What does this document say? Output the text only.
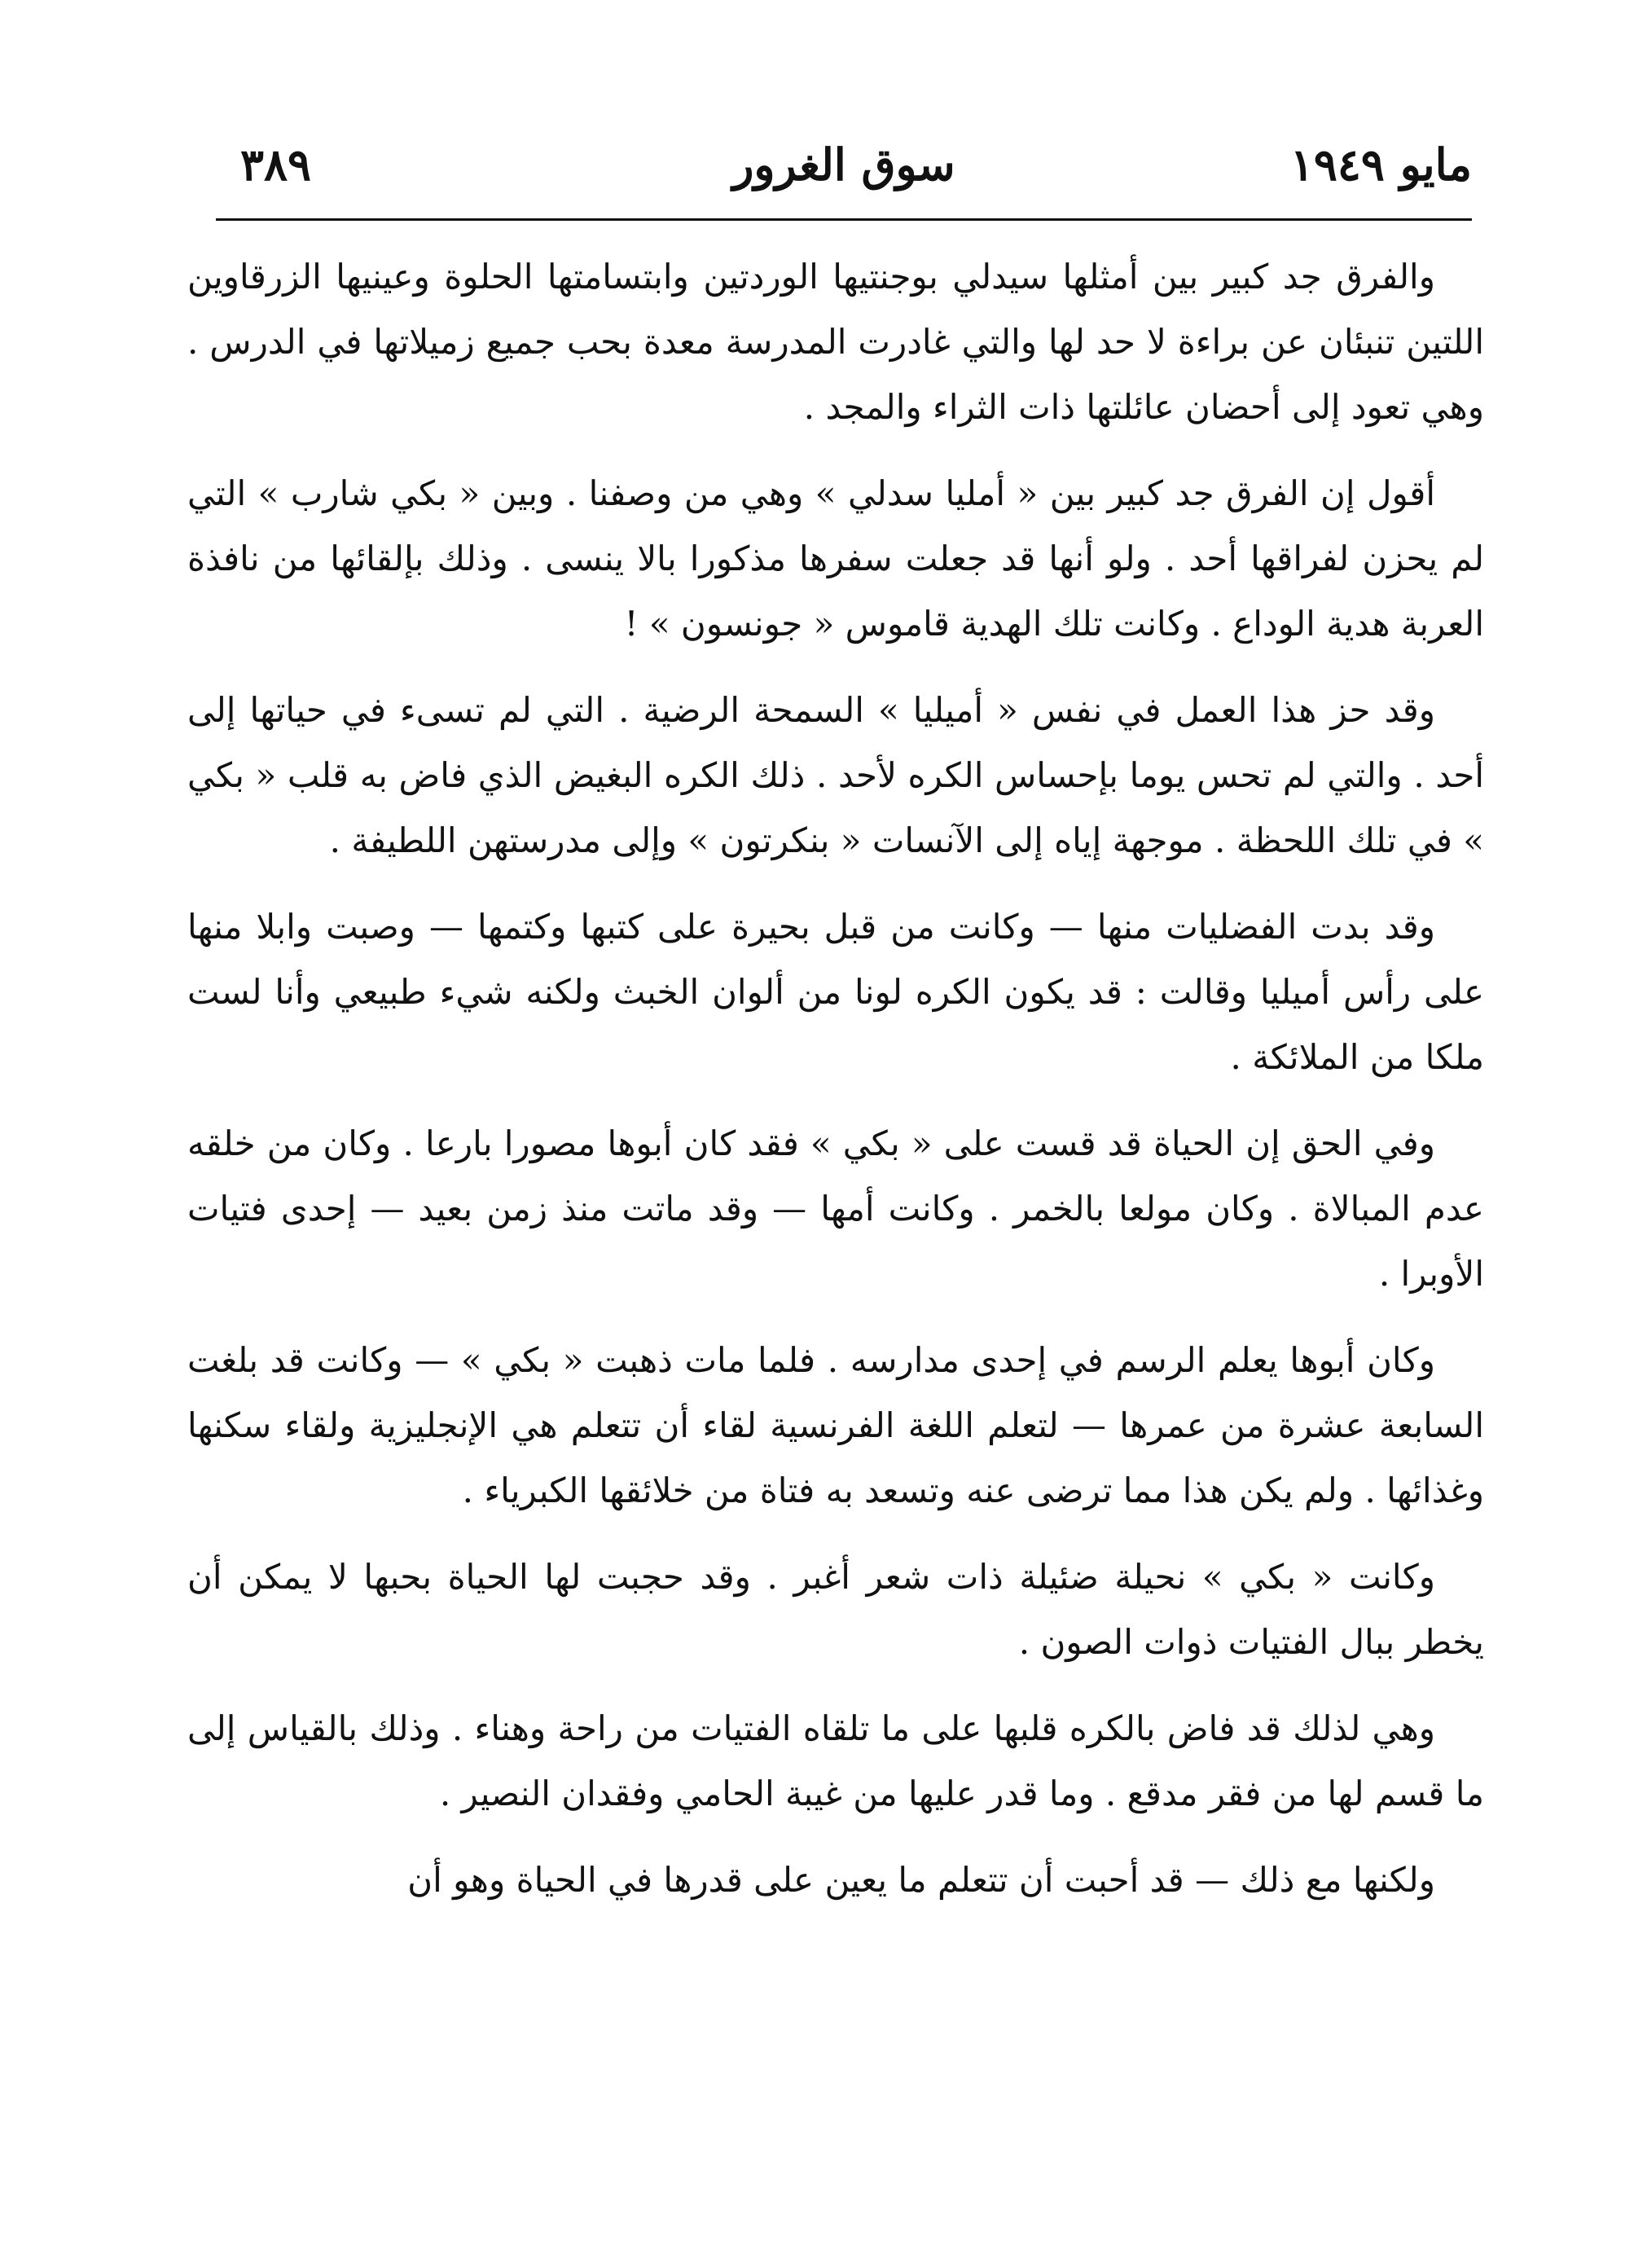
٣٨٩	سوق الغرور	مايو ١٩٤٩

والفرق جد كبير بين أمثلها سيدلي بوجنتيها الوردتين وابتسامتها الحلوة وعينيها الزرقاوين اللتين تنبئان عن براءة لا حد لها والتي غادرت المدرسة معدة بحب جميع زميلاتها في الدرس . وهي تعود إلى أحضان عائلتها ذات الثراء والمجد .

أقول إن الفرق جد كبير بين « أمليا سدلي » وهي من وصفنا . وبين « بكي شارب » التي لم يحزن لفراقها أحد . ولو أنها قد جعلت سفرها مذكورا بالا ينسى . وذلك بإلقائها من نافذة العربة هدية الوداع . وكانت تلك الهدية قاموس « جونسون » !

وقد حز هذا العمل في نفس « أميليا » السمحة الرضية . التي لم تسىء في حياتها إلى أحد . والتي لم تحس يوما بإحساس الكره لأحد . ذلك الكره البغيض الذي فاض به قلب « بكي » في تلك اللحظة . موجهة إياه إلى الآنسات « بنكرتون » وإلى مدرستهن اللطيفة .

وقد بدت الفضليات منها — وكانت من قبل بحيرة على كتبها وكتمها — وصبت وابلا منها على رأس أميليا وقالت : قد يكون الكره لونا من ألوان الخبث ولكنه شيء طبيعي وأنا لست ملكا من الملائكة .

وفي الحق إن الحياة قد قست على « بكي » فقد كان أبوها مصورا بارعا . وكان من خلقه عدم المبالاة . وكان مولعا بالخمر . وكانت أمها — وقد ماتت منذ زمن بعيد — إحدى فتيات الأوبرا .

وكان أبوها يعلم الرسم في إحدى مدارسه . فلما مات ذهبت « بكي » — وكانت قد بلغت السابعة عشرة من عمرها — لتعلم اللغة الفرنسية لقاء أن تتعلم هي الإنجليزية ولقاء سكنها وغذائها . ولم يكن هذا مما ترضى عنه وتسعد به فتاة من خلائقها الكبرياء .

وكانت « بكي » نحيلة ضئيلة ذات شعر أغبر . وقد حجبت لها الحياة بحبها لا يمكن أن يخطر ببال الفتيات ذوات الصون .

وهي لذلك قد فاض بالكره قلبها على ما تلقاه الفتيات من راحة وهناء . وذلك بالقياس إلى ما قسم لها من فقر مدقع . وما قدر عليها من غيبة الحامي وفقدان النصير .

ولكنها مع ذلك — قد أحبت أن تتعلم ما يعين على قدرها في الحياة وهو أن
